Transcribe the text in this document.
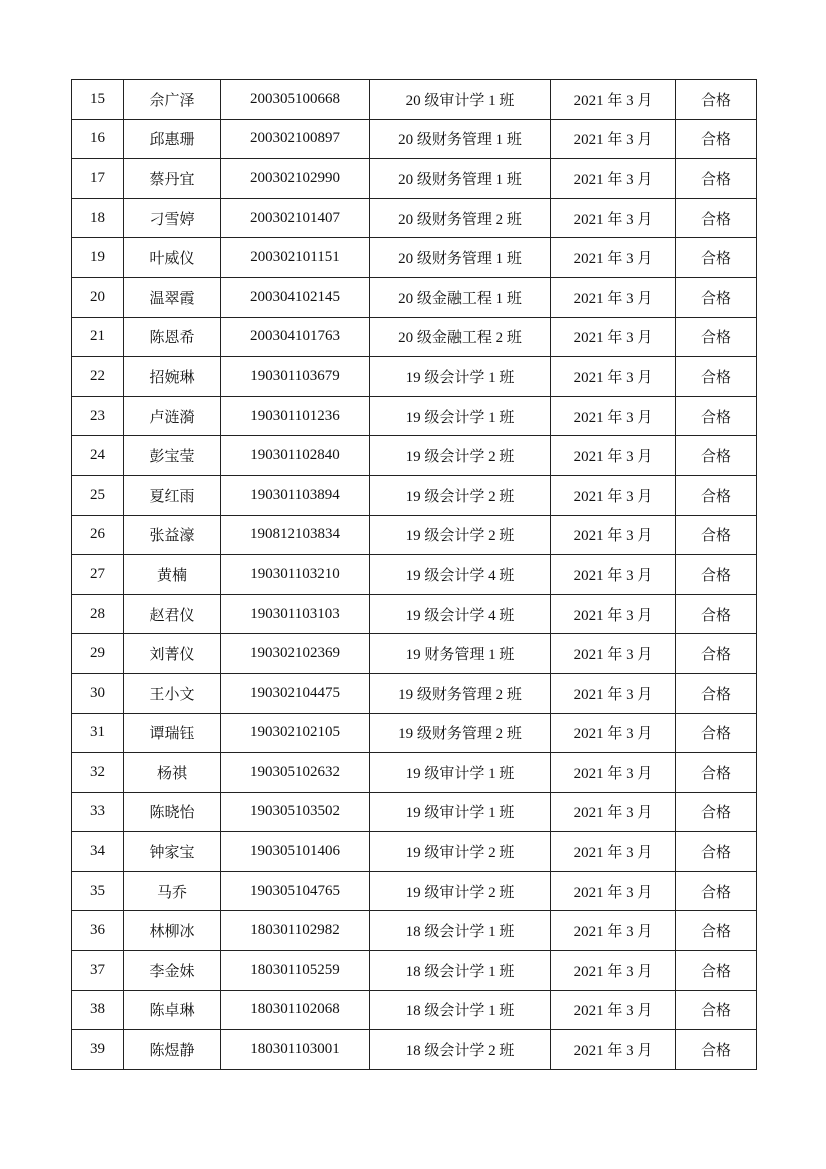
15	佘广泽	200305100668	20 级审计学 1 班	2021 年 3 月	合格
16	邱惠珊	200302100897	20 级财务管理 1 班	2021 年 3 月	合格
17	蔡丹宜	200302102990	20 级财务管理 1 班	2021 年 3 月	合格
18	刁雪婷	200302101407	20 级财务管理 2 班	2021 年 3 月	合格
19	叶威仪	200302101151	20 级财务管理 1 班	2021 年 3 月	合格
20	温翠霞	200304102145	20 级金融工程 1 班	2021 年 3 月	合格
21	陈恩希	200304101763	20 级金融工程 2 班	2021 年 3 月	合格
22	招婉琳	190301103679	19 级会计学 1 班	2021 年 3 月	合格
23	卢涟漪	190301101236	19 级会计学 1 班	2021 年 3 月	合格
24	彭宝莹	190301102840	19 级会计学 2 班	2021 年 3 月	合格
25	夏红雨	190301103894	19 级会计学 2 班	2021 年 3 月	合格
26	张益濠	190812103834	19 级会计学 2 班	2021 年 3 月	合格
27	黄楠	190301103210	19 级会计学 4 班	2021 年 3 月	合格
28	赵君仪	190301103103	19 级会计学 4 班	2021 年 3 月	合格
29	刘菁仪	190302102369	19 财务管理 1 班	2021 年 3 月	合格
30	王小文	190302104475	19 级财务管理 2 班	2021 年 3 月	合格
31	谭瑞钰	190302102105	19 级财务管理 2 班	2021 年 3 月	合格
32	杨祺	190305102632	19 级审计学 1 班	2021 年 3 月	合格
33	陈晓怡	190305103502	19 级审计学 1 班	2021 年 3 月	合格
34	钟家宝	190305101406	19 级审计学 2 班	2021 年 3 月	合格
35	马乔	190305104765	19 级审计学 2 班	2021 年 3 月	合格
36	林柳冰	180301102982	18 级会计学 1 班	2021 年 3 月	合格
37	李金妹	180301105259	18 级会计学 1 班	2021 年 3 月	合格
38	陈卓琳	180301102068	18 级会计学 1 班	2021 年 3 月	合格
39	陈煜静	180301103001	18 级会计学 2 班	2021 年 3 月	合格
